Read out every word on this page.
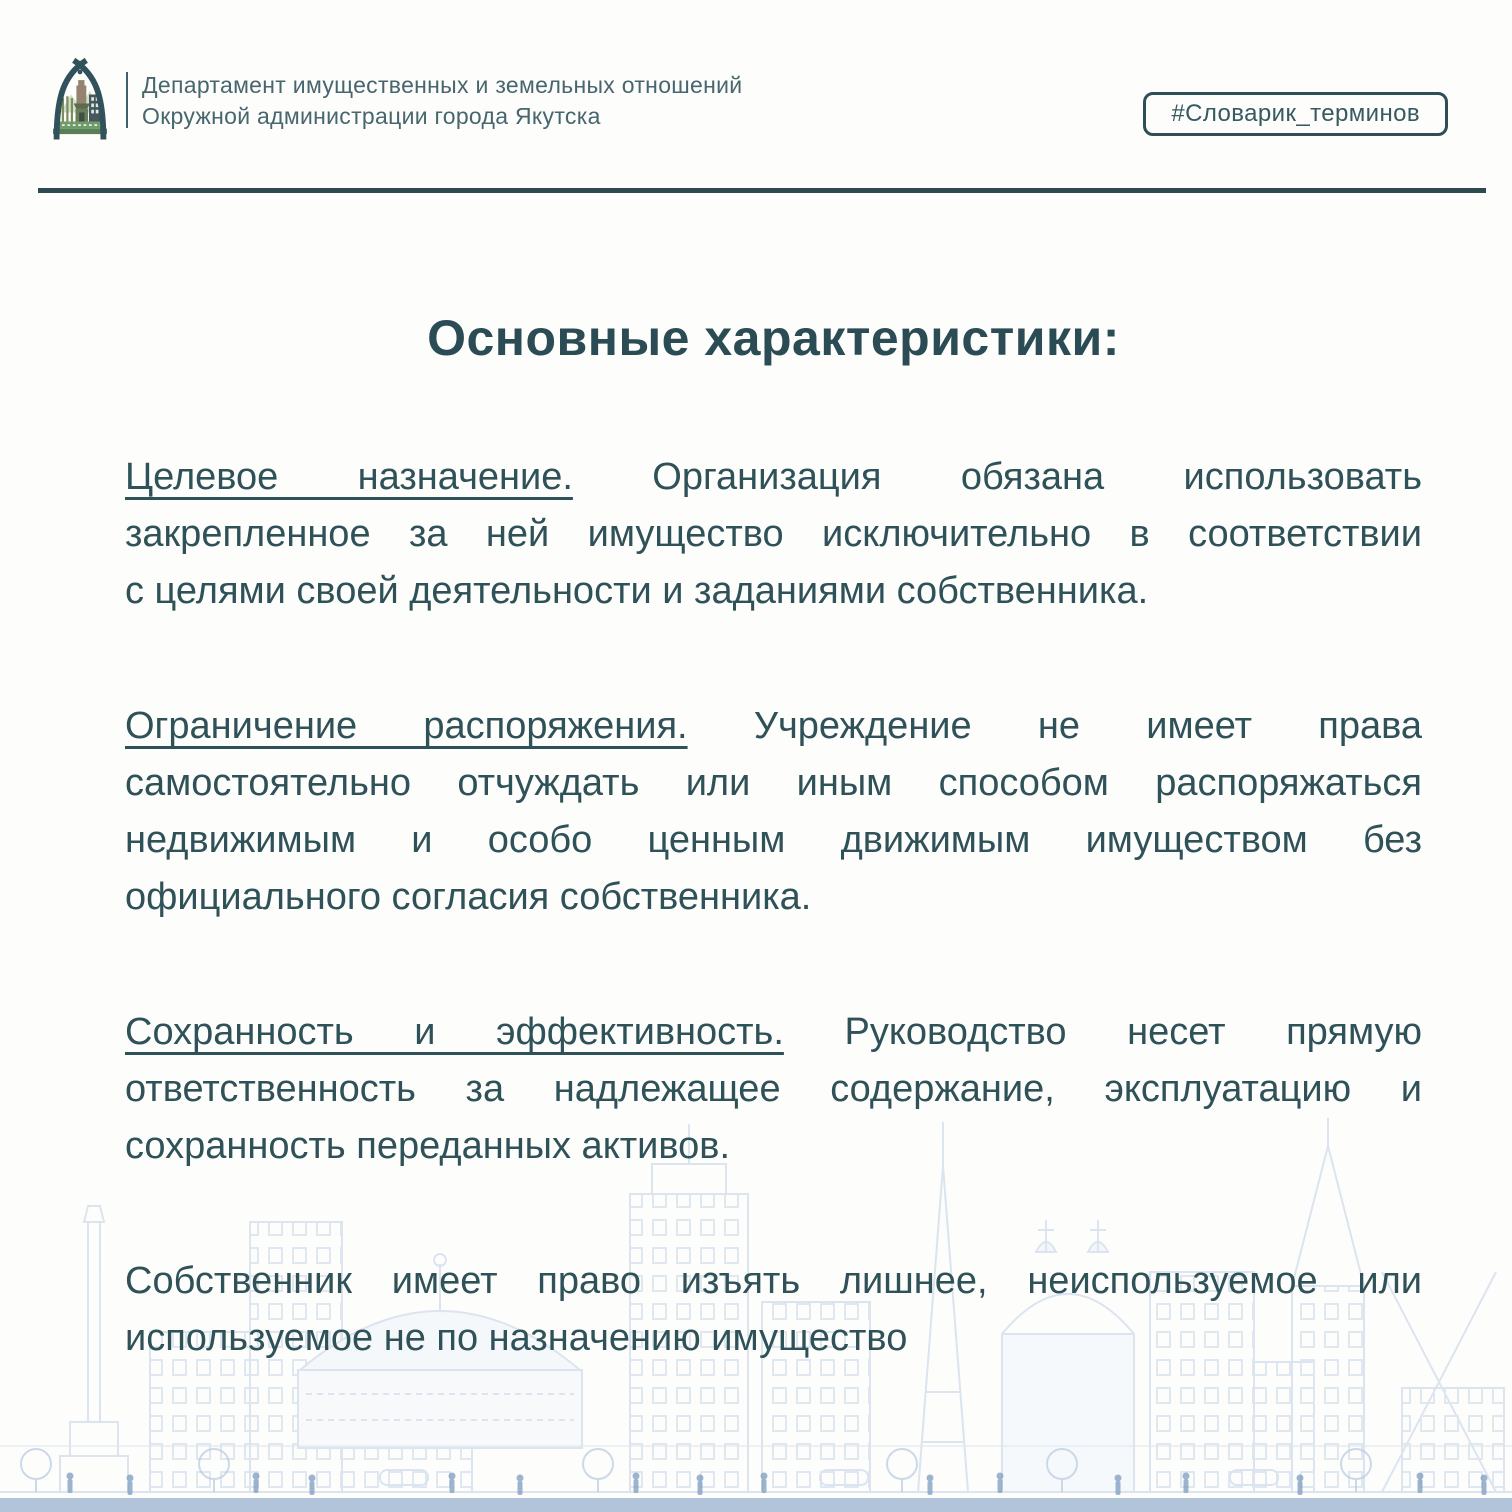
Департамент имущественных и земельных отношений
Окружной администрации города Якутска	#Словарик_терминов
Основные характеристики:
Целевое назначение. Организация обязана использовать
закрепленное за ней имущество исключительно в соответствии
с целями своей деятельности и заданиями собственника.
Ограничение распоряжения. Учреждение не имеет права
самостоятельно отчуждать или иным способом распоряжаться
недвижимым и особо ценным движимым имуществом без
официального согласия собственника.
Сохранность и эффективность. Руководство несет прямую
ответственность за надлежащее содержание, эксплуатацию и
сохранность переданных активов.
Собственник имеет право изъять лишнее, неиспользуемое или
используемое не по назначению имущество
